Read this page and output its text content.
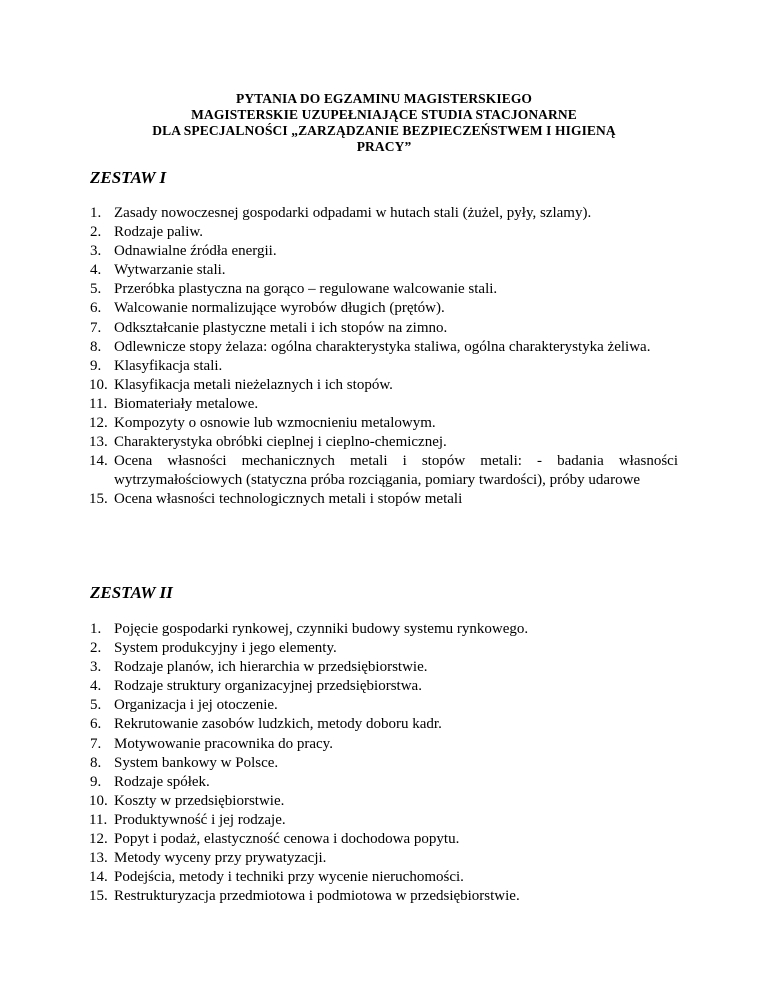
PYTANIA DO EGZAMINU MAGISTERSKIEGO
MAGISTERSKIE UZUPEŁNIAJĄCE STUDIA STACJONARNE
DLA SPECJALNOŚCI „ZARZĄDZANIE BEZPIECZEŃSTWEM I HIGIENĄ
PRACY”
ZESTAW I
1. Zasady nowoczesnej gospodarki odpadami w hutach stali (żużel, pyły, szlamy).
2. Rodzaje paliw.
3. Odnawialne źródła energii.
4. Wytwarzanie stali.
5. Przeróbka plastyczna na gorąco – regulowane walcowanie stali.
6. Walcowanie normalizujące wyrobów długich (prętów).
7. Odkształcanie plastyczne metali i ich stopów na zimno.
8. Odlewnicze stopy żelaza: ogólna charakterystyka staliwa, ogólna charakterystyka żeliwa.
9. Klasyfikacja stali.
10. Klasyfikacja metali nieżelaznych i ich stopów.
11. Biomateriały metalowe.
12. Kompozyty o osnowie lub wzmocnieniu metalowym.
13. Charakterystyka obróbki cieplnej i cieplno-chemicznej.
14. Ocena własności mechanicznych metali i stopów metali: - badania własności wytrzymałościowych (statyczna próba rozciągania, pomiary twardości), próby udarowe
15. Ocena własności technologicznych metali i stopów metali
ZESTAW II
1. Pojęcie gospodarki rynkowej, czynniki budowy systemu rynkowego.
2. System produkcyjny i jego elementy.
3. Rodzaje planów, ich hierarchia w przedsiębiorstwie.
4. Rodzaje struktury organizacyjnej przedsiębiorstwa.
5. Organizacja i jej otoczenie.
6. Rekrutowanie zasobów ludzkich, metody doboru kadr.
7. Motywowanie pracownika do pracy.
8. System bankowy w Polsce.
9. Rodzaje spółek.
10. Koszty w przedsiębiorstwie.
11. Produktywność i jej rodzaje.
12. Popyt i podaż, elastyczność cenowa i dochodowa popytu.
13. Metody wyceny przy prywatyzacji.
14. Podejścia, metody i techniki przy wycenie nieruchomości.
15. Restrukturyzacja przedmiotowa i podmiotowa w przedsiębiorstwie.
